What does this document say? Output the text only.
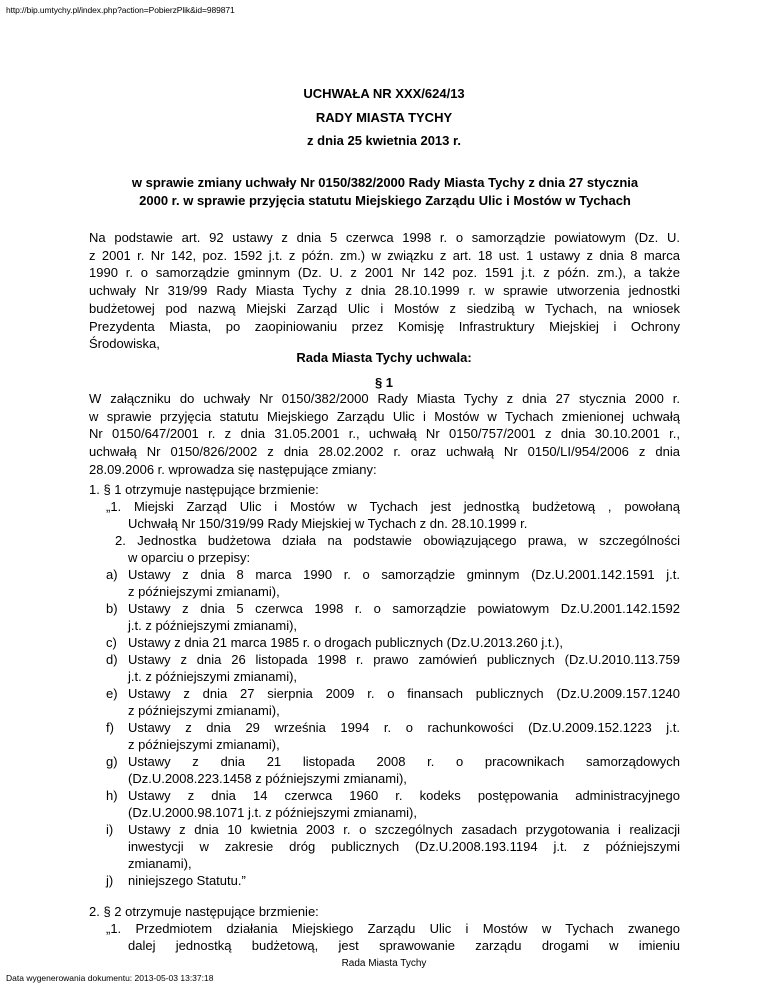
http://bip.umtychy.pl/index.php?action=PobierzPlik&id=989871
UCHWAŁA NR XXX/624/13
RADY MIASTA TYCHY
z dnia 25 kwietnia 2013 r.
w sprawie zmiany uchwały Nr 0150/382/2000 Rady Miasta Tychy z dnia 27 stycznia
2000 r. w sprawie przyjęcia statutu Miejskiego Zarządu Ulic i Mostów w Tychach
Na podstawie art. 92 ustawy z dnia 5 czerwca 1998 r. o samorządzie powiatowym (Dz. U.
z 2001 r. Nr 142, poz. 1592 j.t. z późn. zm.) w związku z art. 18 ust. 1 ustawy z dnia 8 marca
1990 r. o samorządzie gminnym (Dz. U. z 2001 Nr 142 poz. 1591 j.t. z późn. zm.), a także
uchwały Nr 319/99 Rady Miasta Tychy z dnia 28.10.1999 r. w sprawie utworzenia jednostki
budżetowej pod nazwą Miejski Zarząd Ulic i Mostów z siedzibą w Tychach, na wniosek
Prezydenta Miasta, po zaopiniowaniu przez Komisję Infrastruktury Miejskiej i Ochrony
Środowiska,
Rada Miasta Tychy uchwala:
§ 1
W załączniku do uchwały Nr 0150/382/2000 Rady Miasta Tychy z dnia 27 stycznia 2000 r.
w sprawie przyjęcia statutu Miejskiego Zarządu Ulic i Mostów w Tychach zmienionej uchwałą
Nr 0150/647/2001 r. z dnia 31.05.2001 r., uchwałą Nr 0150/757/2001 z dnia 30.10.2001 r.,
uchwałą Nr 0150/826/2002 z dnia 28.02.2002 r. oraz uchwałą Nr 0150/LI/954/2006 z dnia
28.09.2006 r. wprowadza się następujące zmiany:
1. § 1 otrzymuje następujące brzmienie:
„1. Miejski Zarząd Ulic i Mostów w Tychach jest jednostką budżetową , powołaną
Uchwałą Nr 150/319/99 Rady Miejskiej w Tychach z dn. 28.10.1999 r.
2. Jednostka budżetowa działa na podstawie obowiązującego prawa, w szczególności
w oparciu o przepisy:
a) Ustawy z dnia 8 marca 1990 r. o samorządzie gminnym (Dz.U.2001.142.1591 j.t.
z późniejszymi zmianami),
b) Ustawy z dnia 5 czerwca 1998 r. o samorządzie powiatowym Dz.U.2001.142.1592
j.t. z późniejszymi zmianami),
c) Ustawy z dnia 21 marca 1985 r. o drogach publicznych (Dz.U.2013.260 j.t.),
d) Ustawy z dnia 26 listopada 1998 r. prawo zamówień publicznych (Dz.U.2010.113.759
j.t. z późniejszymi zmianami),
e) Ustawy z dnia 27 sierpnia 2009 r. o finansach publicznych (Dz.U.2009.157.1240
z późniejszymi zmianami),
f) Ustawy z dnia 29 września 1994 r. o rachunkowości (Dz.U.2009.152.1223 j.t.
z późniejszymi zmianami),
g) Ustawy z dnia 21 listopada 2008 r. o pracownikach samorządowych
(Dz.U.2008.223.1458 z późniejszymi zmianami),
h) Ustawy z dnia 14 czerwca 1960 r. kodeks postępowania administracyjnego
(Dz.U.2000.98.1071 j.t. z późniejszymi zmianami),
i) Ustawy z dnia 10 kwietnia 2003 r. o szczególnych zasadach przygotowania i realizacji
inwestycji w zakresie dróg publicznych (Dz.U.2008.193.1194 j.t. z późniejszymi
zmianami),
j) niniejszego Statutu.”
2. § 2 otrzymuje następujące brzmienie:
„1. Przedmiotem działania Miejskiego Zarządu Ulic i Mostów w Tychach zwanego
dalej jednostką budżetową, jest sprawowanie zarządu drogami w imieniu
Rada Miasta Tychy
Data wygenerowania dokumentu: 2013-05-03 13:37:18
